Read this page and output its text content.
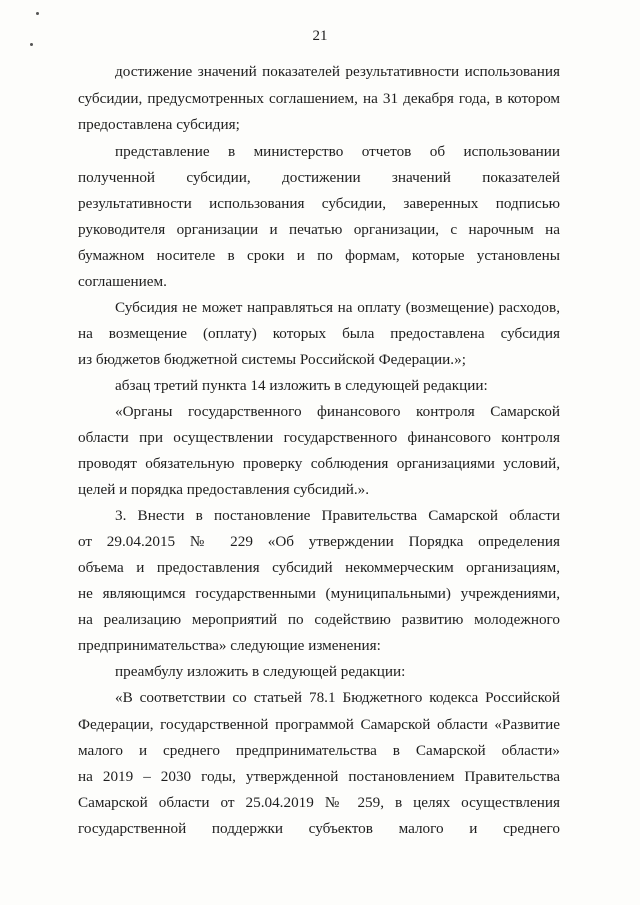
21
достижение значений показателей результативности использования
субсидии, предусмотренных соглашением, на 31 декабря года, в котором
предоставлена субсидия;
представление в министерство отчетов об использовании
полученной субсидии, достижении значений показателей
результативности использования субсидии, заверенных подписью
руководителя организации и печатью организации, с нарочным на
бумажном носителе в сроки и по формам, которые установлены
соглашением.
Субсидия не может направляться на оплату (возмещение) расходов,
на возмещение (оплату) которых была предоставлена субсидия
из бюджетов бюджетной системы Российской Федерации.»;
абзац третий пункта 14 изложить в следующей редакции:
«Органы государственного финансового контроля Самарской
области при осуществлении государственного финансового контроля
проводят обязательную проверку соблюдения организациями условий,
целей и порядка предоставления субсидий.».
3. Внести в постановление Правительства Самарской области
от 29.04.2015 № 229 «Об утверждении Порядка определения
объема и предоставления субсидий некоммерческим организациям,
не являющимся государственными (муниципальными) учреждениями,
на реализацию мероприятий по содействию развитию молодежного
предпринимательства» следующие изменения:
преамбулу изложить в следующей редакции:
«В соответствии со статьей 78.1 Бюджетного кодекса Российской
Федерации, государственной программой Самарской области «Развитие
малого и среднего предпринимательства в Самарской области»
на 2019 – 2030 годы, утвержденной постановлением Правительства
Самарской области от 25.04.2019 № 259, в целях осуществления
государственной поддержки субъектов малого и среднего
